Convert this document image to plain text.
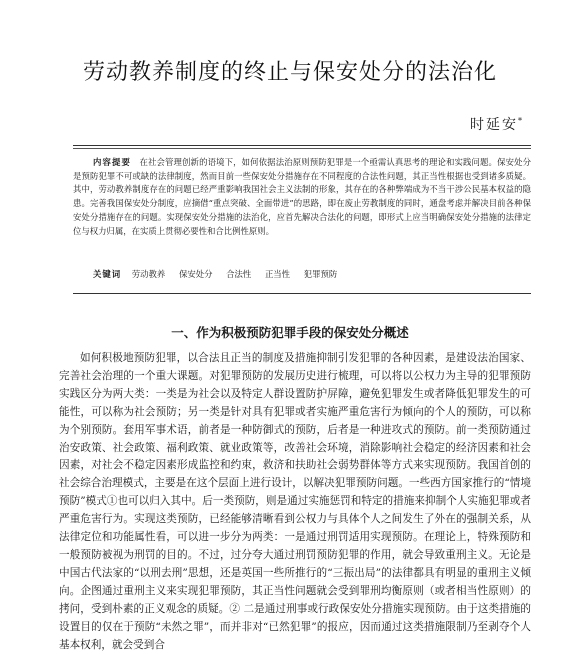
劳动教养制度的终止与保安处分的法治化
时延安*

内容提要 在社会管理创新的语境下，如何依据法治原则预防犯罪是一个亟需认真思考的理论和实践问题。保安处分是预防犯罪不可或缺的法律制度，然而目前一些保安处分措施存在不同程度的合法性问题，其正当性根据也受到诸多质疑。其中，劳动教养制度存在的问题已经严重影响我国社会主义法制的形象，其存在的各种弊端成为不当干涉公民基本权益的隐患。完善我国保安处分制度，应摘借“重点突破、全面带进”的思路，即在废止劳教制度的同时，通盘考虑并解决目前各种保安处分措施存在的问题。实现保安处分措施的法治化，应首先解决合法化的问题，即形式上应当明确保安处分措施的法律定位与权力归属，在实质上贯彻必要性和合比例性原则。

关键词 劳动教养 保安处分 合法性 正当性 犯罪预防

一、作为积极预防犯罪手段的保安处分概述

如何积极地预防犯罪，以合法且正当的制度及措施抑制引发犯罪的各种因素，是建设法治国家、完善社会治理的一个重大课题。对犯罪预防的发展历史进行梳理，可以将以公权力为主导的犯罪预防实践区分为两大类：一类是为社会以及特定人群设置防护屏障，避免犯罪发生或者降低犯罪发生的可能性，可以称为社会预防；另一类是针对具有犯罪或者实施严重危害行为倾向的个人的预防，可以称为个别预防。套用军事术语，前者是一种防御式的预防，后者是一种进攻式的预防。前一类预防通过治安政策、社会政策、福利政策、就业政策等，改善社会环境，消除影响社会稳定的经济因素和社会因素，对社会不稳定因素形成监控和约束，救济和扶助社会弱势群体等方式来实现预防。我国首创的社会综合治理模式，主要是在这个层面上进行设计，以解决犯罪预防问题。一些西方国家推行的“情境预防”模式①也可以归入其中。后一类预防，则是通过实施惩罚和特定的措施来抑制个人实施犯罪或者严重危害行为。实现这类预防，已经能够清晰看到公权力与具体个人之间发生了外在的强制关系，从法律定位和功能属性看，可以进一步分为两类：一是通过刑罚适用实现预防。在理论上，特殊预防和一般预防被视为刑罚的目的。不过，过分夸大通过刑罚预防犯罪的作用，就会导致重刑主义。无论是中国古代法家的“以刑去刑”思想，还是英国一些所推行的“三振出局”的法律都具有明显的重刑主义倾向。企图通过重刑主义来实现犯罪预防，其正当性问题就会受到罪刑均衡原则（或者相当性原则）的拷问，受到朴素的正义观念的质疑。② 二是通过刑事或行政保安处分措施实现预防。由于这类措施的设置目的仅在于预防“未然之罪”，而并非对“已然犯罪”的报应，因而通过这类措施限制乃至剥夺个人基本权利，就会受到合
